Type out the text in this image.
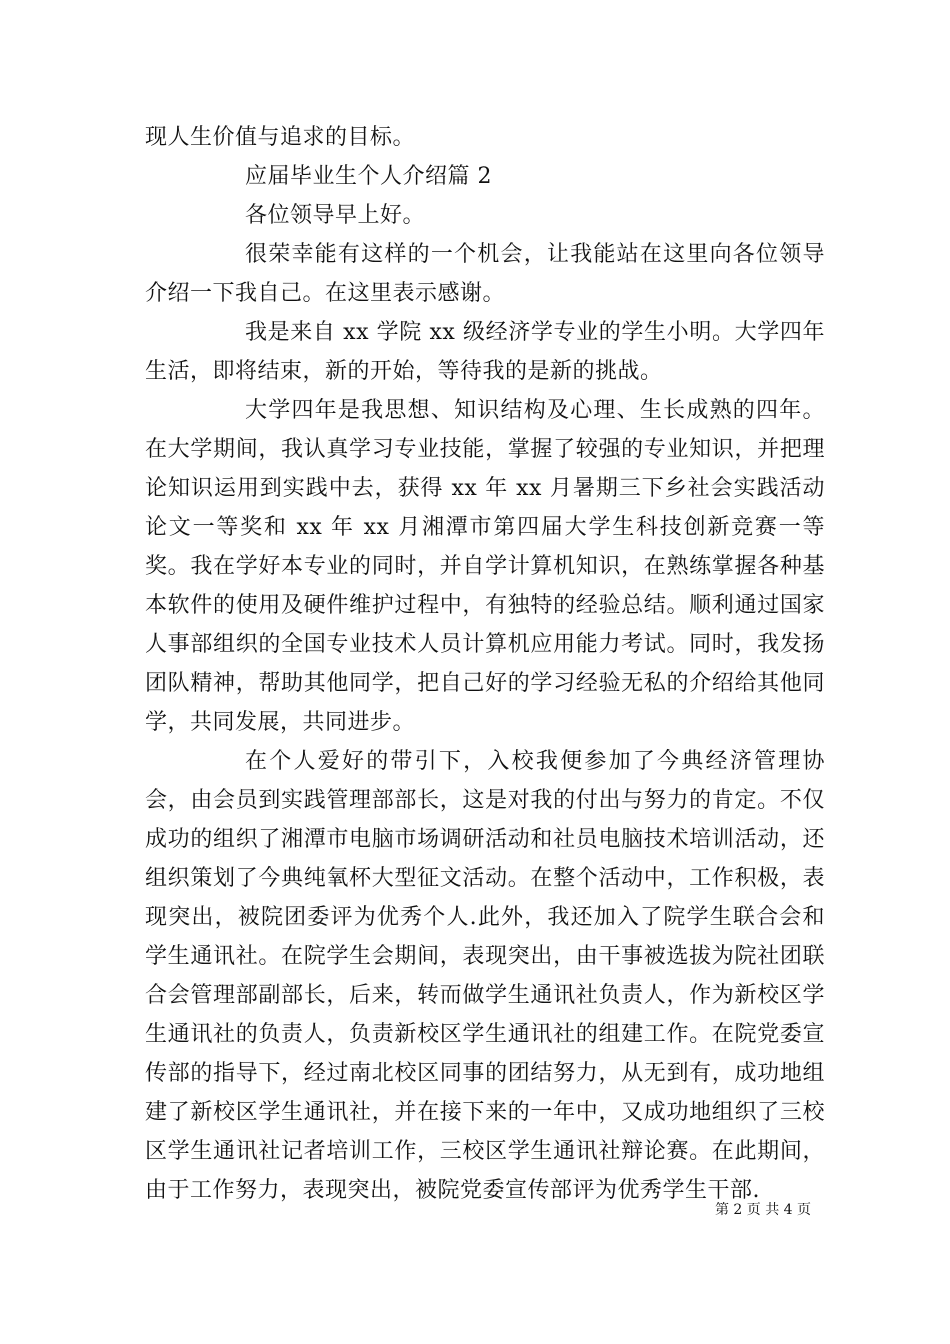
现人生价值与追求的目标。

应届毕业生个人介绍篇 2

各位领导早上好。

很荣幸能有这样的一个机会，让我能站在这里向各位领导介绍一下我自己。在这里表示感谢。

我是来自 xx 学院 xx 级经济学专业的学生小明。大学四年生活，即将结束，新的开始，等待我的是新的挑战。

大学四年是我思想、知识结构及心理、生长成熟的四年。在大学期间，我认真学习专业技能，掌握了较强的专业知识，并把理论知识运用到实践中去，获得 xx 年 xx 月暑期三下乡社会实践活动论文一等奖和 xx 年 xx 月湘潭市第四届大学生科技创新竞赛一等奖。我在学好本专业的同时，并自学计算机知识，在熟练掌握各种基本软件的使用及硬件维护过程中，有独特的经验总结。顺利通过国家人事部组织的全国专业技术人员计算机应用能力考试。同时，我发扬团队精神，帮助其他同学，把自己好的学习经验无私的介绍给其他同学，共同发展，共同进步。

在个人爱好的带引下，入校我便参加了今典经济管理协会，由会员到实践管理部部长，这是对我的付出与努力的肯定。不仅成功的组织了湘潭市电脑市场调研活动和社员电脑技术培训活动，还组织策划了今典纯氧杯大型征文活动。在整个活动中，工作积极，表现突出，被院团委评为优秀个人.此外，我还加入了院学生联合会和学生通讯社。在院学生会期间，表现突出，由干事被选拔为院社团联合会管理部副部长，后来，转而做学生通讯社负责人，作为新校区学生通讯社的负责人，负责新校区学生通讯社的组建工作。在院党委宣传部的指导下，经过南北校区同事的团结努力，从无到有，成功地组建了新校区学生通讯社，并在接下来的一年中，又成功地组织了三校区学生通讯社记者培训工作，三校区学生通讯社辩论赛。在此期间，由于工作努力，表现突出，被院党委宣传部评为优秀学生干部.

第 2 页 共 4 页
